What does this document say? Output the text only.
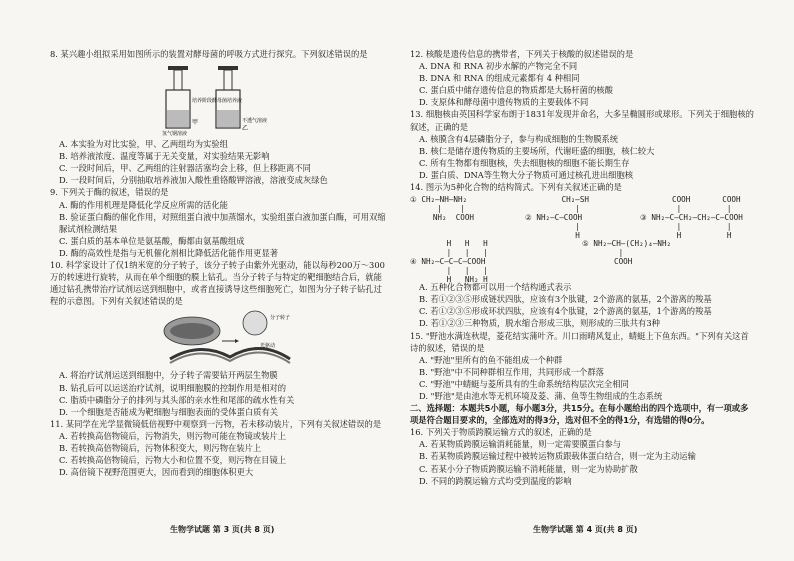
8. 某兴趣小组拟采用如图所示的装置对酵母菌的呼吸方式进行探究。下列叙述错误的是

氢气钢溶液
培养阶段酵母菌培养液
不透气溶液
甲
乙

A. 本实验为对比实验，甲、乙两组均为实验组

B. 培养液浓度、温度等属于无关变量，对实验结果无影响

C. 一段时间后，甲、乙两组的注射器活塞均会上移，但上移距离不同

D. 一段时间后，分别抽取培养液加入酸性重铬酸钾溶液，溶液变成灰绿色

9. 下列关于酶的叙述，错误的是

A. 酶的作用机理是降低化学反应所需的活化能

B. 验证蛋白酶的催化作用，对照组蛋白液中加蒸馏水，实验组蛋白液加蛋白酶，可用双缩脲试剂检测结果

C. 蛋白质的基本单位是氨基酸，酶都由氨基酸组成

D. 酶的高效性是指与无机催化剂相比降低活化能作用更显著

10. 科学家设计了仅1纳米宽的分子转子，该分子转子由紫外光驱动，能以每秒200万～300万的转速进行旋转，从而在单个细胞的膜上钻孔。当分子转子与特定的靶细胞结合后，就能通过钻孔携带治疗试剂运送到细胞中，或者直接诱导这些细胞死亡，如图为分子转子钻孔过程的示意图。下列有关叙述错误的是

分子转子
光驱动

A. 将治疗试剂运送到细胞中，分子转子需要钻开两层生物膜

B. 钻孔后可以运送治疗试剂，说明细胞膜的控制作用是相对的

C. 脂质中磷脂分子的排列与其头部的亲水性和尾部的疏水性有关

D. 一个细胞是否能成为靶细胞与细胞表面的受体蛋白质有关

11. 某同学在光学显微镜低倍视野中观察到一污物，若未移动装片，下列有关叙述错误的是

A. 若转换高倍物镜后，污物消失，则污物可能在物镜或装片上

B. 若转换高倍物镜后，污物体积变大，则污物在装片上

C. 若转换高倍物镜后，污物大小和位置不变，则污物在目镜上

D. 高倍镜下视野范围更大，因而看到的细胞体积更大

生物学试题 第 3 页(共 8 页)

12. 核酸是遗传信息的携带者，下列关于核酸的叙述错误的是

A. DNA 和 RNA 初步水解的产物完全不同

B. DNA 和 RNA 的组成元素都有 4 种相同

C. 蛋白质中储存遗传信息的物质都是大肠杆菌的核酸

D. 支原体和酵母菌中遗传物质的主要载体不同

13. 细胞核由英国科学家布朗于1831年发现并命名，大多呈椭圆形或球形。下列关于细胞核的叙述，正确的是

A. 核膜含有4层磷脂分子，参与构成细胞的生物膜系统

B. 核仁是储存遗传物质的主要场所，代谢旺盛的细胞，核仁较大

C. 所有生物都有细胞核，失去细胞核的细胞不能长期生存

D. 蛋白质、DNA等生物大分子物质可通过核孔进出细胞核

14. 图示为5种化合物的结构简式。下列有关叙述正确的是

① CH₂—NH—NH₂
|    |
NH₂  COOH
CH₂—SH
|
② NH₂—C—COOH
|
H
COOH       COOH
|          |
③ NH₂—C—CH₂—CH₂—C—COOH
|          |
H          H
H   H   H
|   |   |
④ NH₂—C—C—C—COOH
|   |   |
H   NH₂ H
⑤ NH₂—CH—(CH₂)₄—NH₂
|
COOH

A. 五种化合物都可以用一个结构通式表示

B. 若①②③⑤形成链状四肽，应该有3个肽键，2个游离的氨基，2个游离的羧基

C. 若①②③⑤形成环状四肽，应该有4个肽键，2个游离的氨基，1个游离的羧基

D. 若①②③三种物质，脱水缩合形成三肽，则形成的三肽共有3种

15. "野池水满连秋堤，菱花结实蒲叶齐。川口雨晴风复止，蜻蜓上下鱼东西。"下列有关这首诗的叙述，错误的是

A. "野池"里所有的鱼不能组成一个种群

B. "野池"中不同种群相互作用，共同形成一个群落

C. "野池"中蜻蜓与菱所具有的生命系统结构层次完全相同

D. "野池"是由池水等无机环境及菱、蒲、鱼等生物组成的生态系统

二、选择题：本题共5小题，每小题3分，共15分。在每小题给出的四个选项中，有一项或多项是符合题目要求的，全部选对的得3分，选对但不全的得1分，有选错的得0分。

16. 下列关于物质跨膜运输方式的叙述，正确的是

A. 若某物质跨膜运输消耗能量，则一定需要膜蛋白参与

B. 若某物质跨膜运输过程中被转运物质跟载体蛋白结合，则一定为主动运输

C. 若某小分子物质跨膜运输不消耗能量，则一定为协助扩散

D. 不同的跨膜运输方式均受到温度的影响

生物学试题 第 4 页(共 8 页)
